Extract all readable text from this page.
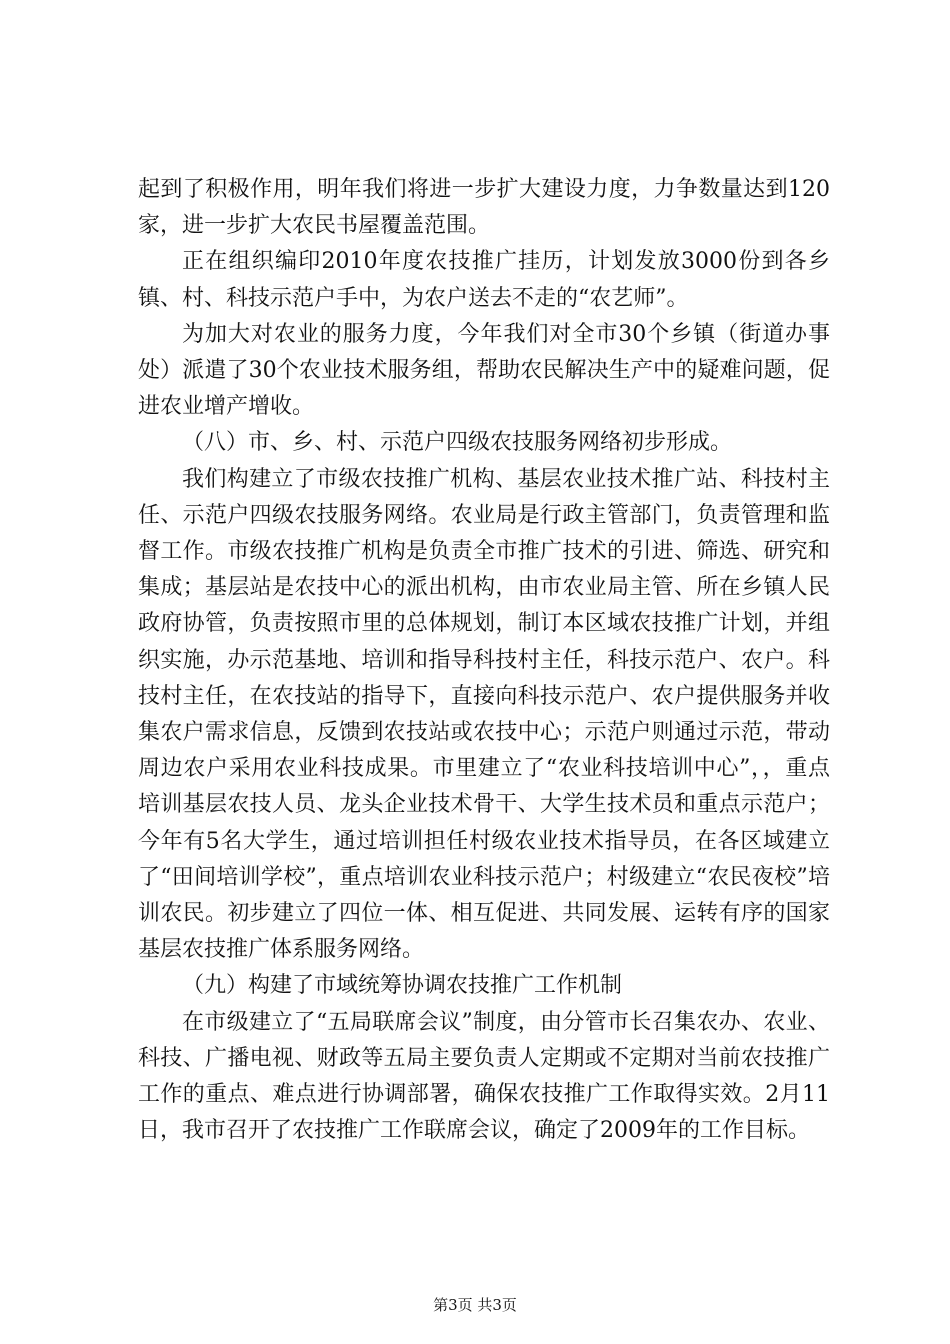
起到了积极作用，明年我们将进一步扩大建设力度，力争数量达到120家，进一步扩大农民书屋覆盖范围。

正在组织编印2010年度农技推广挂历，计划发放3000份到各乡镇、村、科技示范户手中，为农户送去不走的“农艺师”。

为加大对农业的服务力度，今年我们对全市30个乡镇（街道办事处）派遣了30个农业技术服务组，帮助农民解决生产中的疑难问题，促进农业增产增收。

（八）市、乡、村、示范户四级农技服务网络初步形成。

我们构建立了市级农技推广机构、基层农业技术推广站、科技村主任、示范户四级农技服务网络。农业局是行政主管部门，负责管理和监督工作。市级农技推广机构是负责全市推广技术的引进、筛选、研究和集成；基层站是农技中心的派出机构，由市农业局主管、所在乡镇人民政府协管，负责按照市里的总体规划，制订本区域农技推广计划，并组织实施，办示范基地、培训和指导科技村主任，科技示范户、农户。科技村主任，在农技站的指导下，直接向科技示范户、农户提供服务并收集农户需求信息，反馈到农技站或农技中心；示范户则通过示范，带动周边农户采用农业科技成果。市里建立了“农业科技培训中心”，，重点培训基层农技人员、龙头企业技术骨干、大学生技术员和重点示范户；今年有5名大学生，通过培训担任村级农业技术指导员，在各区域建立了“田间培训学校”，重点培训农业科技示范户；村级建立“农民夜校”培训农民。初步建立了四位一体、相互促进、共同发展、运转有序的国家基层农技推广体系服务网络。

（九）构建了市域统筹协调农技推广工作机制

在市级建立了“五局联席会议”制度，由分管市长召集农办、农业、科技、广播电视、财政等五局主要负责人定期或不定期对当前农技推广工作的重点、难点进行协调部署，确保农技推广工作取得实效。2月11日，我市召开了农技推广工作联席会议，确定了2009年的工作目标。

第3页 共3页
